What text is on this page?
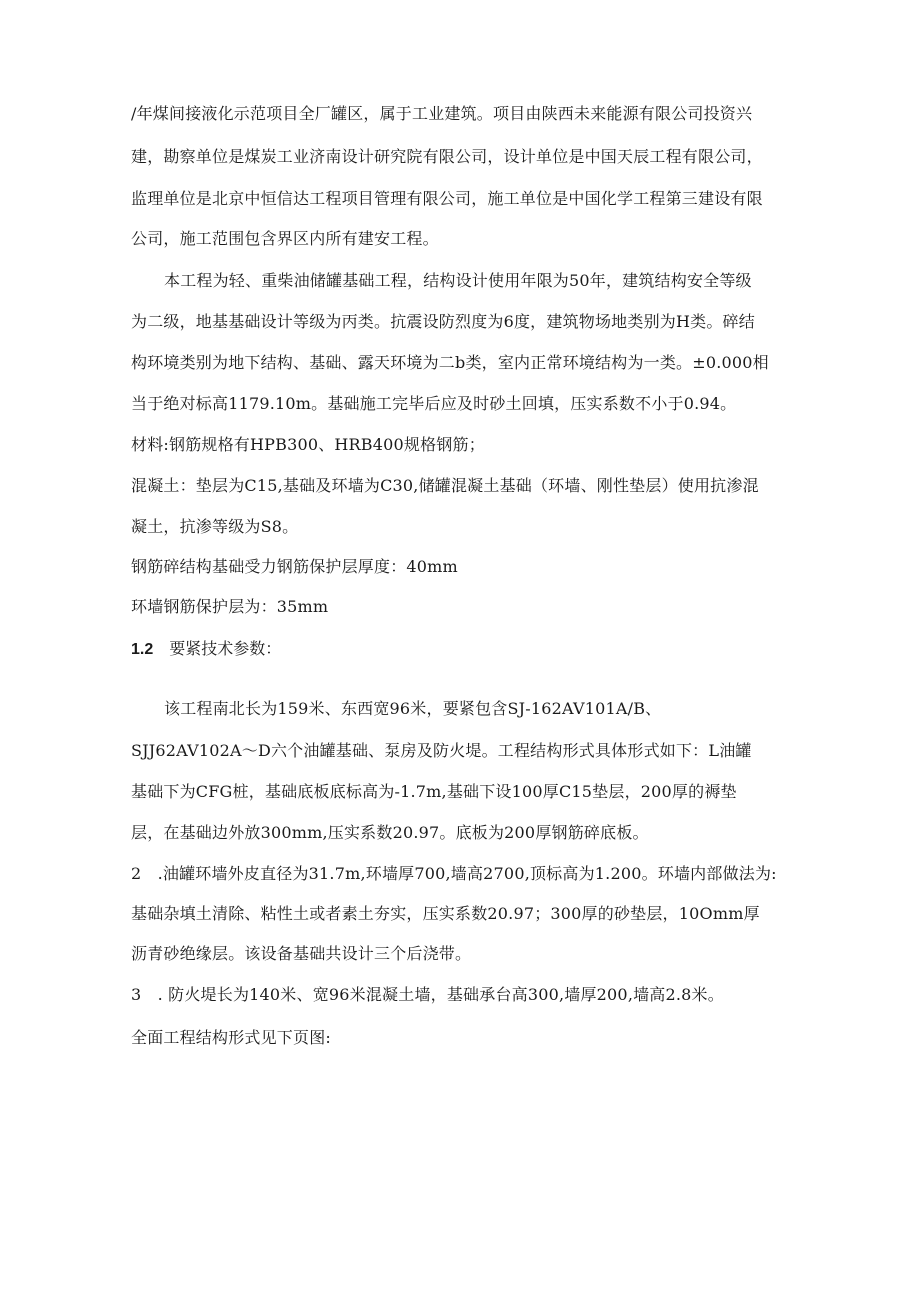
/年煤间接液化示范项目全厂罐区，属于工业建筑。项目由陕西未来能源有限公司投资兴
建，勘察单位是煤炭工业济南设计研究院有限公司，设计单位是中国天辰工程有限公司，
监理单位是北京中恒信达工程项目管理有限公司，施工单位是中国化学工程第三建设有限
公司，施工范围包含界区内所有建安工程。
本工程为轻、重柴油储罐基础工程，结构设计使用年限为50年，建筑结构安全等级
为二级，地基基础设计等级为丙类。抗震设防烈度为6度，建筑物场地类别为H类。碎结
构环境类别为地下结构、基础、露天环境为二b类，室内正常环境结构为一类。±0.000相
当于绝对标高1179.10m。基础施工完毕后应及时砂土回填，压实系数不小于0.94。
材料:钢筋规格有HPB300、HRB400规格钢筋；
混凝土：垫层为C15,基础及环墙为C30,储罐混凝土基础（环墙、刚性垫层）使用抗渗混
凝土，抗渗等级为S8。
钢筋碎结构基础受力钢筋保护层厚度：40mm
环墙钢筋保护层为：35mm
1.2 要紧技术参数：
该工程南北长为159米、东西宽96米，要紧包含SJ-162AV101A/B、
SJJ62AV102A～D六个油罐基础、泵房及防火堤。工程结构形式具体形式如下：L油罐
基础下为CFG桩，基础底板底标高为-1.7m,基础下设100厚C15垫层，200厚的褥垫
层，在基础边外放300mm,压实系数20.97。底板为200厚钢筋碎底板。
2　.油罐环墙外皮直径为31.7m,环墙厚700,墙高2700,顶标高为1.200。环墙内部做法为:
基础杂填土清除、粘性土或者素土夯实，压实系数20.97；300厚的砂垫层，10Omm厚
沥青砂绝缘层。该设备基础共设计三个后浇带。
3　. 防火堤长为140米、宽96米混凝土墙，基础承台高300,墙厚200,墙高2.8米。
全面工程结构形式见下页图:
